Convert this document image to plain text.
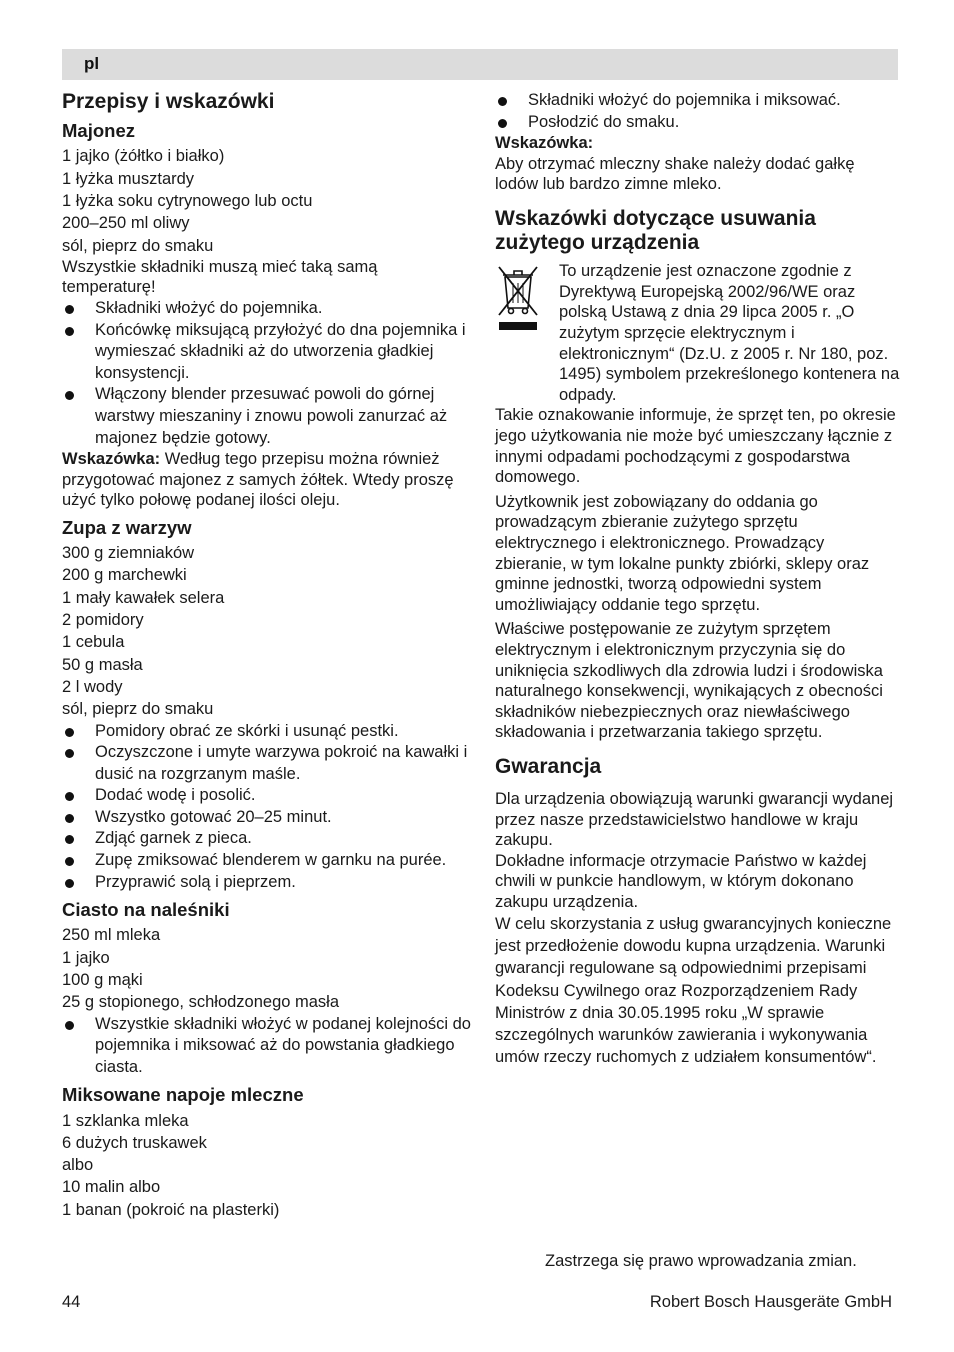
pl
Przepisy i wskazówki
Majonez
1 jajko (żółtko i białko)
1 łyżka musztardy
1 łyżka soku cytrynowego lub octu
200–250 ml oliwy
sól, pieprz do smaku
Wszystkie składniki muszą mieć taką samą temperaturę!
Składniki włożyć do pojemnika.
Końcówkę miksującą przyłożyć do dna pojemnika i wymieszać składniki aż do utworzenia gładkiej konsystencji.
Włączony blender przesuwać powoli do górnej warstwy mieszaniny i znowu powoli zanurzać aż majonez będzie gotowy.
Wskazówka: Według tego przepisu można również przygotować majonez z samych żółtek. Wtedy proszę użyć tylko połowę podanej ilości oleju.
Zupa z warzyw
300 g ziemniaków
200 g marchewki
1 mały kawałek selera
2 pomidory
1 cebula
50 g masła
2 l wody
sól, pieprz do smaku
Pomidory obrać ze skórki i usunąć pestki.
Oczyszczone i umyte warzywa pokroić na kawałki i dusić na rozgrzanym maśle.
Dodać wodę i posolić.
Wszystko gotować 20–25 minut.
Zdjąć garnek z pieca.
Zupę zmiksować blenderem w garnku na purée.
Przyprawić solą i pieprzem.
Ciasto na naleśniki
250 ml mleka
1 jajko
100 g mąki
25 g stopionego, schłodzonego masła
Wszystkie składniki włożyć w podanej kolejności do pojemnika i miksować aż do powstania gładkiego ciasta.
Miksowane napoje mleczne
1 szklanka mleka
6 dużych truskawek
albo
10 malin albo
1 banan (pokroić na plasterki)
Składniki włożyć do pojemnika i miksować.
Posłodzić do smaku.
Wskazówka:
Aby otrzymać mleczny shake należy dodać gałkę lodów lub bardzo zimne mleko.
Wskazówki dotyczące usuwania zużytego urządzenia
To urządzenie jest oznaczone zgodnie z Dyrektywą Europejską 2002/96/WE oraz polską Ustawą z dnia 29 lipca 2005 r. „O zużytym sprzęcie elektrycznym i elektronicznym“ (Dz.U. z 2005 r. Nr 180, poz. 1495) symbolem przekreślonego kontenera na odpady.
Takie oznakowanie informuje, że sprzęt ten, po okresie jego użytkowania nie może być umieszczany łącznie z innymi odpadami pochodzącymi z gospodarstwa domowego.
Użytkownik jest zobowiązany do oddania go prowadzącym zbieranie zużytego sprzętu elektrycznego i elektronicznego. Prowadzący zbieranie, w tym lokalne punkty zbiórki, sklepy oraz gminne jednostki, tworzą odpowiedni system umożliwiający oddanie tego sprzętu.
Właściwe postępowanie ze zużytym sprzętem elektrycznym i elektronicznym przyczynia się do uniknięcia szkodliwych dla zdrowia ludzi i środowiska naturalnego konsekwencji, wynikających z obecności składników niebezpiecznych oraz niewłaściwego składowania i przetwarzania takiego sprzętu.
Gwarancja
Dla urządzenia obowiązują warunki gwarancji wydanej przez nasze przedstawicielstwo handlowe w kraju zakupu.
Dokładne informacje otrzymacie Państwo w każdej chwili w punkcie handlowym, w którym dokonano zakupu urządzenia.
W celu skorzystania z usług gwarancyjnych konieczne jest przedłożenie dowodu kupna urządzenia. Warunki gwarancji regulowane są odpowiednimi przepisami Kodeksu Cywilnego oraz Rozporządzeniem Rady Ministrów z dnia 30.05.1995 roku „W sprawie szczególnych warunków zawierania i wykonywania umów rzeczy ruchomych z udziałem konsumentów“.
Zastrzega się prawo wprowadzania zmian.
44	Robert Bosch Hausgeräte GmbH
